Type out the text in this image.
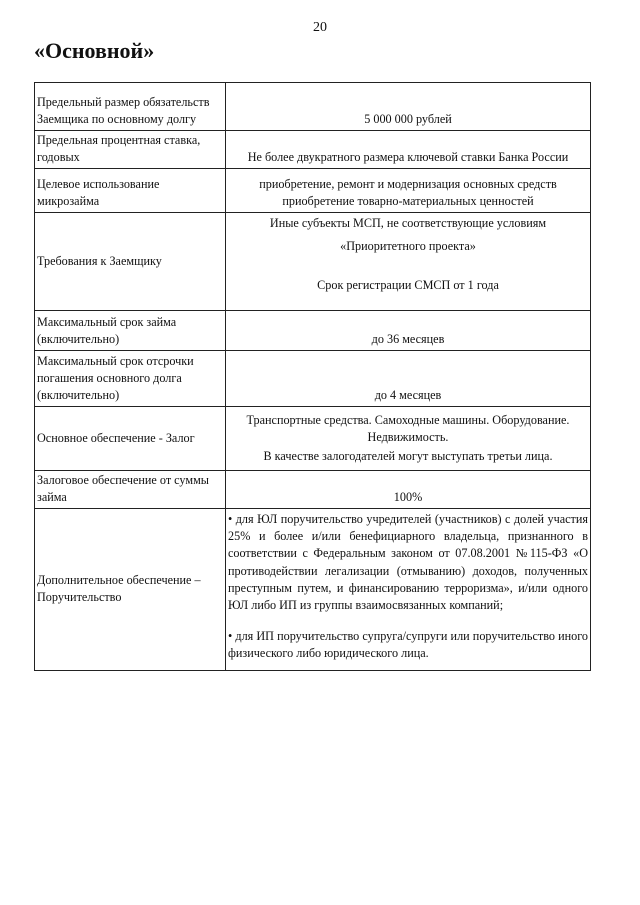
20
«Основной»
Предельный размер обязательств Заемщика по основному долгу	5 000 000 рублей
Предельная процентная ставка, годовых	Не более двукратного размера ключевой ставки Банка России
Целевое использование микрозайма	приобретение, ремонт и модернизация основных средств
приобретение товарно-материальных ценностей

Требования к Заемщику	Иные субъекты МСП, не соответствующие условиям
«Приоритетного проекта»
Срок регистрации СМСП от 1 года

Максимальный срок займа (включительно)	до 36 месяцев
Максимальный срок отсрочки погашения основного долга (включительно)	до 4 месяцев
Основное обеспечение - Залог	Транспортные средства. Самоходные машины. Оборудование.
Недвижимость.
В качестве залогодателей могут выступать третьи лица.

Залоговое обеспечение от суммы займа	100%
Дополнительное обеспечение – Поручительство	• для ЮЛ поручительство учредителей (участников) с долей участия 25% и более и/или бенефициарного владельца, признанного в соответствии с Федеральным законом от 07.08.2001 №115-ФЗ «О противодействии легализации (отмыванию) доходов, полученных преступным путем, и финансированию терроризма», и/или одного ЮЛ либо ИП из группы взаимосвязанных компаний;
• для ИП поручительство супруга/супруги или поручительство иного физического либо юридического лица.
